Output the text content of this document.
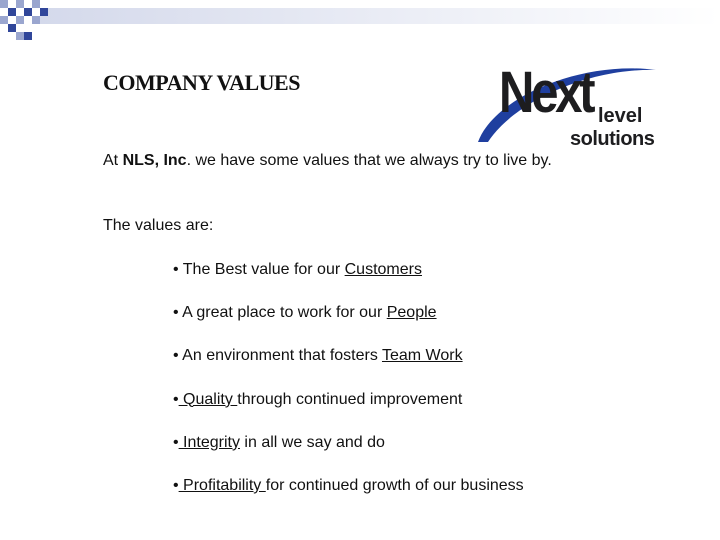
COMPANY VALUES	Next level
solutions
At NLS, Inc. we have some values that we always try to live by.
The values are:
• The Best value for our Customers
• A great place to work for our People
• An environment that fosters Team Work
• Quality through continued improvement
• Integrity in all we say and do
• Profitability for continued growth of our business
